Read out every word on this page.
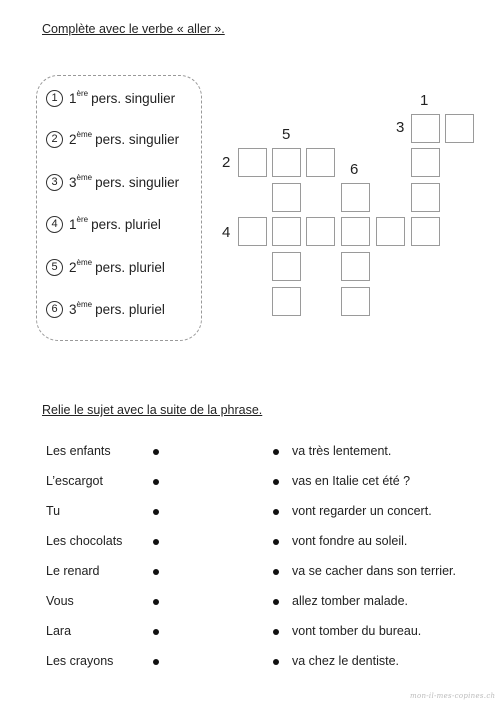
Complète avec le verbe « aller ».
1 1ère pers. singulier
2 2ème pers. singulier
3 3ème pers. singulier
4 1ère pers. pluriel
5 2ème pers. pluriel
6 3ème pers. pluriel
1
2
3
4
5
6
Relie le sujet avec la suite de la phrase.
Les enfants	va très lentement.
L’escargot	vas en Italie cet été ?
Tu	vont regarder un concert.
Les chocolats	vont fondre au soleil.
Le renard	va se cacher dans son terrier.
Vous	allez tomber malade.
Lara	vont tomber du bureau.
Les crayons	va chez le dentiste.
mon-il-mes-copines.ch
